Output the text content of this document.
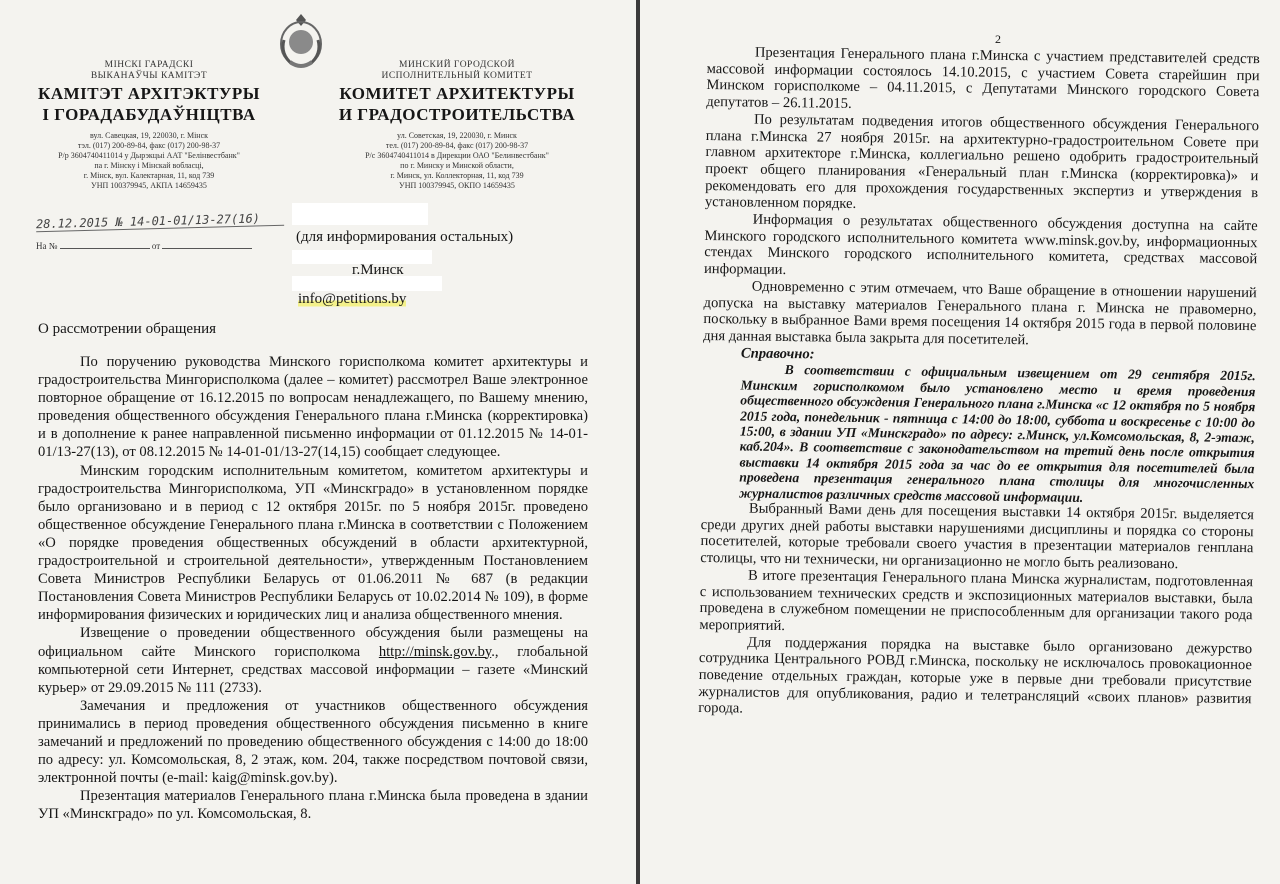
МІНСКІ ГАРАДСКІ
ВЫКАНАЎЧЫ КАМІТЭТ
КАМІТЭТ АРХІТЭКТУРЫ
І ГОРАДАБУДАЎНІЦТВА
вул. Савецкая, 19, 220030, г. Мінск
тэл. (017) 200-89-84, факс (017) 200-98-37
Р/р 3604740411014 у Дырэкцыі ААТ "Белінвестбанк"
па г. Мінску і Мінскай вобласці,
г. Мінск, вул. Калектарная, 11, код 739
УНП 100379945, АКПА 14659435
МИНСКИЙ ГОРОДСКОЙ
ИСПОЛНИТЕЛЬНЫЙ КОМИТЕТ
КОМИТЕТ АРХИТЕКТУРЫ
И ГРАДОСТРОИТЕЛЬСТВА
ул. Советская, 19, 220030, г. Минск
тел. (017) 200-89-84, факс (017) 200-98-37
Р/с 3604740411014 в Дирекции ОАО "Белинвестбанк"
по г. Минску и Минской области,
г. Минск, ул. Коллекторная, 11, код 739
УНП 100379945, ОКПО 14659435
28.12.2015 № 14-01-01/13-27(16)
На №	от
(для информирования остальных)
г.Минск
info@petitions.by
О рассмотрении обращения

По поручению руководства Минского горисполкома комитет архитектуры и градостроительства Мингорисполкома (далее – комитет) рассмотрел Ваше электронное повторное обращение от 16.12.2015 по вопросам ненадлежащего, по Вашему мнению, проведения общественного обсуждения Генерального плана г.Минска (корректировка) и в дополнение к ранее направленной письменно информации от 01.12.2015 № 14-01-01/13-27(13), от 08.12.2015 № 14-01-01/13-27(14,15) сообщает следующее.

Минским городским исполнительным комитетом, комитетом архитектуры и градостроительства Мингорисполкома, УП «Минскградо» в установленном порядке было организовано и в период с 12 октября 2015г. по 5 ноября 2015г. проведено общественное обсуждение Генерального плана г.Минска в соответствии с Положением «О порядке проведения общественных обсуждений в области архитектурной, градостроительной и строительной деятельности», утвержденным Постановлением Совета Министров Республики Беларусь от 01.06.2011 № 687 (в редакции Постановления Совета Министров Республики Беларусь от 10.02.2014 № 109), в форме информирования физических и юридических лиц и анализа общественного мнения.

Извещение о проведении общественного обсуждения были размещены на официальном сайте Минского горисполкома http://minsk.gov.by., глобальной компьютерной сети Интернет, средствах массовой информации – газете «Минский курьер» от 29.09.2015 № 111 (2733).

Замечания и предложения от участников общественного обсуждения принимались в период проведения общественного обсуждения письменно в книге замечаний и предложений по проведению общественного обсуждения с 14:00 до 18:00 по адресу: ул. Комсомольская, 8, 2 этаж, ком. 204, также посредством почтовой связи, электронной почты (e-mail: kaig@minsk.gov.by).

Презентация материалов Генерального плана г.Минска была проведена в здании УП «Минскградо» по ул. Комсомольская, 8.

2

Презентация Генерального плана г.Минска с участием представителей средств массовой информации состоялось 14.10.2015, с участием Совета старейшин при Минском горисполкоме – 04.11.2015, с Депутатами Минского городского Совета депутатов – 26.11.2015.

По результатам подведения итогов общественного обсуждения Генерального плана г.Минска 27 ноября 2015г. на архитектурно-градостроительном Совете при главном архитекторе г.Минска, коллегиально решено одобрить градостроительный проект общего планирования «Генеральный план г.Минска (корректировка)» и рекомендовать его для прохождения государственных экспертиз и утверждения в установленном порядке.

Информация о результатах общественного обсуждения доступна на сайте Минского городского исполнительного комитета www.minsk.gov.by, информационных стендах Минского городского исполнительного комитета, средствах массовой информации.

Одновременно с этим отмечаем, что Ваше обращение в отношении нарушений допуска на выставку материалов Генерального плана г. Минска не правомерно, поскольку в выбранное Вами время посещения 14 октября 2015 года в первой половине дня данная выставка была закрыта для посетителей.

Справочно:

В соответствии с официальным извещением от 29 сентября 2015г. Минским горисполкомом было установлено место и время проведения общественного обсуждения Генерального плана г.Минска «с 12 октября по 5 ноября 2015 года, понедельник - пятница с 14:00 до 18:00, суббота и воскресенье с 10:00 до 15:00, в здании УП «Минскградо» по адресу: г.Минск, ул.Комсомольская, 8, 2-этаж, каб.204». В соответствие с законодательством на третий день после открытия выставки 14 октября 2015 года за час до ее открытия для посетителей была проведена презентация генерального плана столицы для многочисленных журналистов различных средств массовой информации.

Выбранный Вами день для посещения выставки 14 октября 2015г. выделяется среди других дней работы выставки нарушениями дисциплины и порядка со стороны посетителей, которые требовали своего участия в презентации материалов генплана столицы, что ни технически, ни организационно не могло быть реализовано.

В итоге презентация Генерального плана Минска журналистам, подготовленная с использованием технических средств и экспозиционных материалов выставки, была проведена в служебном помещении не приспособленным для организации такого рода мероприятий.

Для поддержания порядка на выставке было организовано дежурство сотрудника Центрального РОВД г.Минска, поскольку не исключалось провокационное поведение отдельных граждан, которые уже в первые дни требовали присутствие журналистов для опубликования, радио и телетрансляций «своих планов» развития города.
